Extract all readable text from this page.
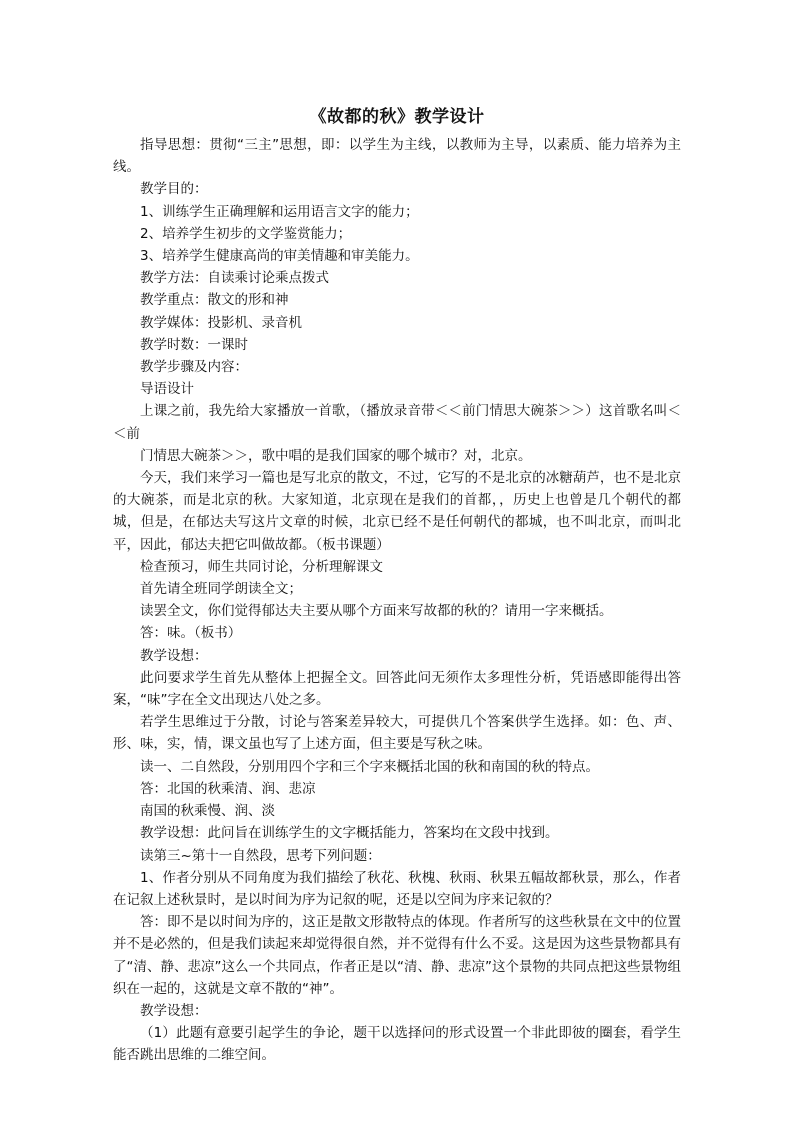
《故都的秋》教学设计

指导思想：贯彻“三主”思想，即：以学生为主线，以教师为主导，以素质、能力培养为主线。

教学目的：

1、训练学生正确理解和运用语言文字的能力；

2、培养学生初步的文学鉴赏能力；

3、培养学生健康高尚的审美情趣和审美能力。

教学方法：自读乘讨论乘点拨式

教学重点：散文的形和神

教学媒体：投影机、录音机

教学时数：一课时

教学步骤及内容：

导语设计

上课之前，我先给大家播放一首歌，（播放录音带＜＜前门情思大碗茶＞＞）这首歌名叫＜＜前

门情思大碗茶＞＞，歌中唱的是我们国家的哪个城市？对，北京。

今天，我们来学习一篇也是写北京的散文，不过，它写的不是北京的冰糖葫芦，也不是北京的大碗茶，而是北京的秋。大家知道，北京现在是我们的首都，，历史上也曾是几个朝代的都城，但是，在郁达夫写这片文章的时候，北京已经不是任何朝代的都城，也不叫北京，而叫北平，因此，郁达夫把它叫做故都。（板书课题）

检查预习，师生共同讨论，分析理解课文

首先请全班同学朗读全文；

读罢全文，你们觉得郁达夫主要从哪个方面来写故都的秋的？请用一字来概括。

答：味。（板书）

教学设想：

此问要求学生首先从整体上把握全文。回答此问无须作太多理性分析，凭语感即能得出答案，“味”字在全文出现达八处之多。

若学生思维过于分散，讨论与答案差异较大，可提供几个答案供学生选择。如：色、声、形、味，实，情，课文虽也写了上述方面，但主要是写秋之味。

读一、二自然段，分别用四个字和三个字来概括北国的秋和南国的秋的特点。

答：北国的秋乘清、润、悲凉

南国的秋乘慢、润、淡

教学设想：此问旨在训练学生的文字概括能力，答案均在文段中找到。

读第三~第十一自然段，思考下列问题：

1、作者分别从不同角度为我们描绘了秋花、秋槐、秋雨、秋果五幅故都秋景，那么，作者在记叙上述秋景时，是以时间为序为记叙的呢，还是以空间为序来记叙的？

答：即不是以时间为序的，这正是散文形散特点的体现。作者所写的这些秋景在文中的位置并不是必然的，但是我们读起来却觉得很自然，并不觉得有什么不妥。这是因为这些景物都具有了“清、静、悲凉”这么一个共同点，作者正是以“清、静、悲凉”这个景物的共同点把这些景物组织在一起的，这就是文章不散的“神”。

教学设想：

（1）此题有意要引起学生的争论，题干以选择问的形式设置一个非此即彼的圈套，看学生能否跳出思维的二维空间。
